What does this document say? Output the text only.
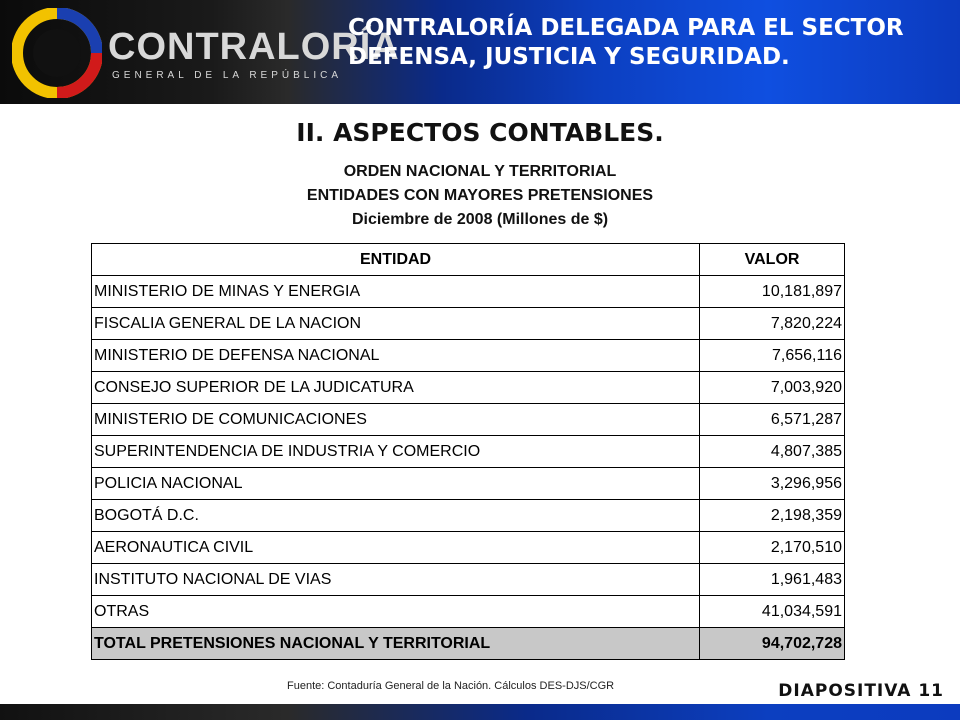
CONTRALORÍA
GENERAL DE LA REPÚBLICA
CONTRALORÍA DELEGADA PARA EL SECTOR
DEFENSA, JUSTICIA Y SEGURIDAD.
II. ASPECTOS CONTABLES.
ORDEN NACIONAL Y TERRITORIAL
ENTIDADES CON MAYORES PRETENSIONES
Diciembre de 2008 (Millones de $)
ENTIDAD	VALOR
MINISTERIO DE MINAS Y ENERGIA	10,181,897
FISCALIA GENERAL DE LA NACION	7,820,224
MINISTERIO DE DEFENSA NACIONAL	7,656,116
CONSEJO SUPERIOR DE LA JUDICATURA	7,003,920
MINISTERIO DE COMUNICACIONES	6,571,287
SUPERINTENDENCIA DE INDUSTRIA Y COMERCIO	4,807,385
POLICIA NACIONAL	3,296,956
BOGOTÁ D.C.	2,198,359
AERONAUTICA CIVIL	2,170,510
INSTITUTO NACIONAL DE VIAS	1,961,483
OTRAS	41,034,591
TOTAL PRETENSIONES NACIONAL Y TERRITORIAL	94,702,728
Fuente: Contaduría General de la Nación. Cálculos DES-DJS/CGR	DIAPOSITIVA 11
